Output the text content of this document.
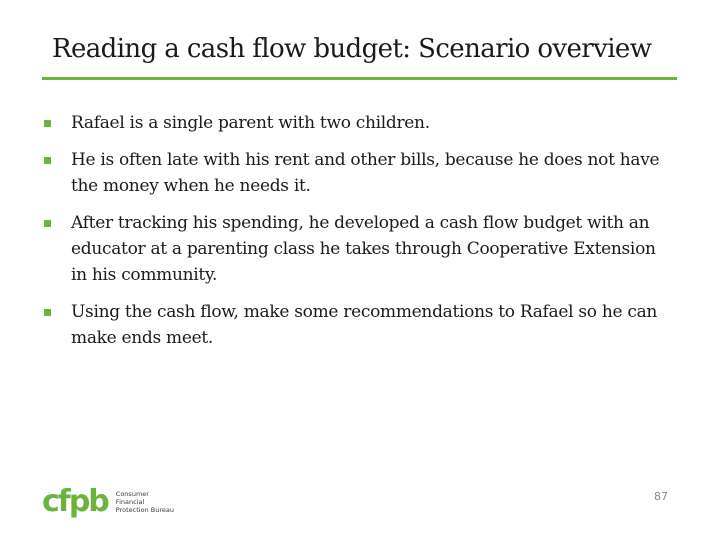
Reading a cash flow budget: Scenario overview
Rafael is a single parent with two children.
He is often late with his rent and other bills, because he does not have the money when he needs it.
After tracking his spending, he developed a cash flow budget with an educator at a parenting class he takes through Cooperative Extension in his community.
Using the cash flow, make some recommendations to Rafael so he can make ends meet.
cfpb Consumer Financial
Protection Bureau
87
